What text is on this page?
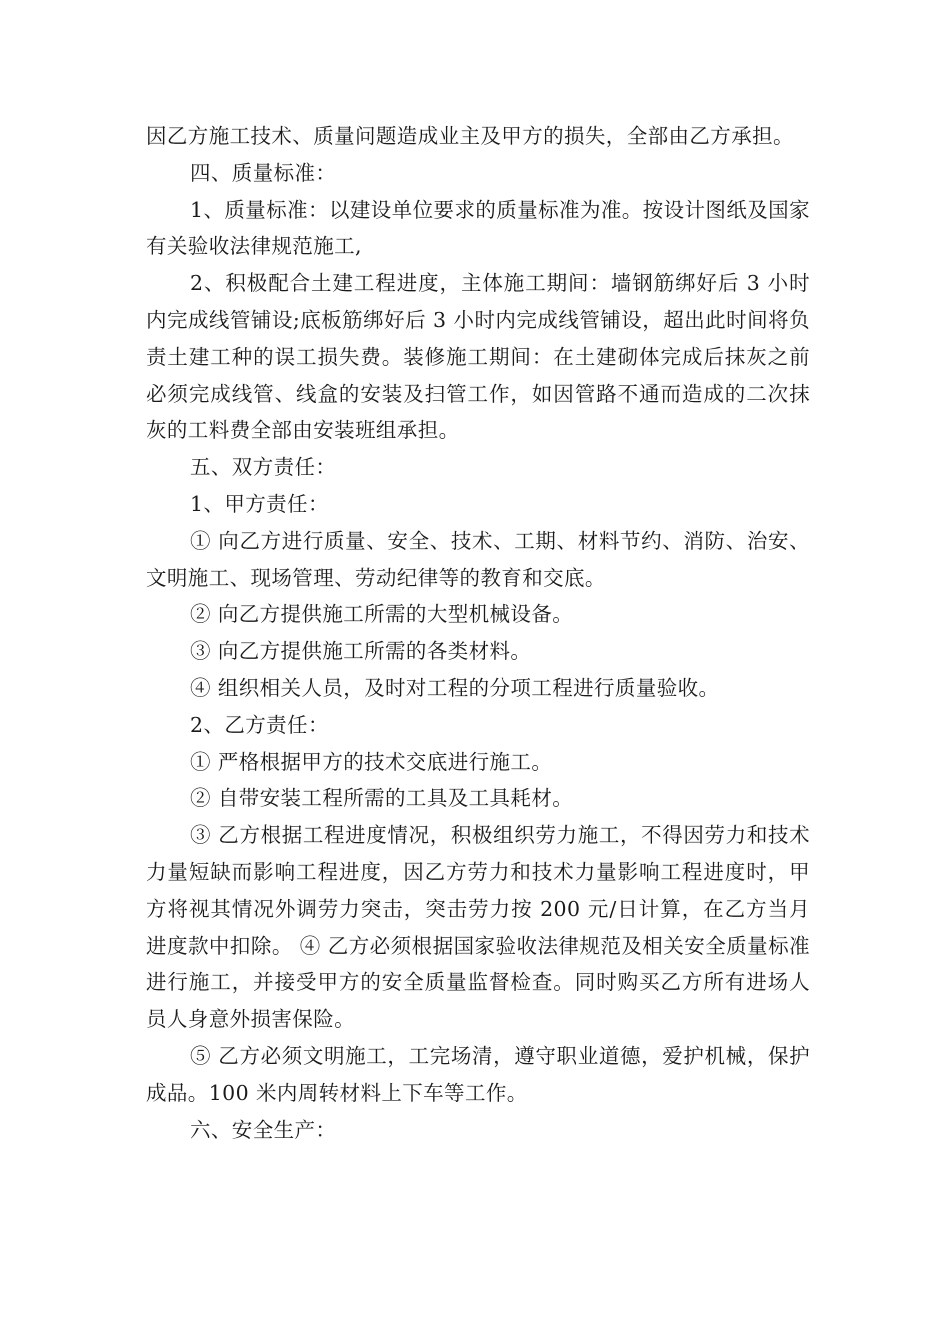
因乙方施工技术、质量问题造成业主及甲方的损失，全部由乙方承担。

四、质量标准：

1、质量标准：以建设单位要求的质量标准为准。按设计图纸及国家有关验收法律规范施工,

2、积极配合土建工程进度，主体施工期间：墙钢筋绑好后 3 小时内完成线管铺设;底板筋绑好后 3 小时内完成线管铺设，超出此时间将负责土建工种的误工损失费。装修施工期间：在土建砌体完成后抹灰之前必须完成线管、线盒的安装及扫管工作，如因管路不通而造成的二次抹灰的工料费全部由安装班组承担。

五、双方责任：

1、甲方责任：

① 向乙方进行质量、安全、技术、工期、材料节约、消防、治安、文明施工、现场管理、劳动纪律等的教育和交底。

② 向乙方提供施工所需的大型机械设备。

③ 向乙方提供施工所需的各类材料。

④ 组织相关人员，及时对工程的分项工程进行质量验收。

2、乙方责任：

① 严格根据甲方的技术交底进行施工。

② 自带安装工程所需的工具及工具耗材。

③ 乙方根据工程进度情况，积极组织劳力施工，不得因劳力和技术力量短缺而影响工程进度，因乙方劳力和技术力量影响工程进度时，甲方将视其情况外调劳力突击，突击劳力按 200 元/日计算，在乙方当月进度款中扣除。 ④ 乙方必须根据国家验收法律规范及相关安全质量标准进行施工，并接受甲方的安全质量监督检查。同时购买乙方所有进场人员人身意外损害保险。

⑤ 乙方必须文明施工，工完场清，遵守职业道德，爱护机械，保护成品。100 米内周转材料上下车等工作。

六、安全生产：
